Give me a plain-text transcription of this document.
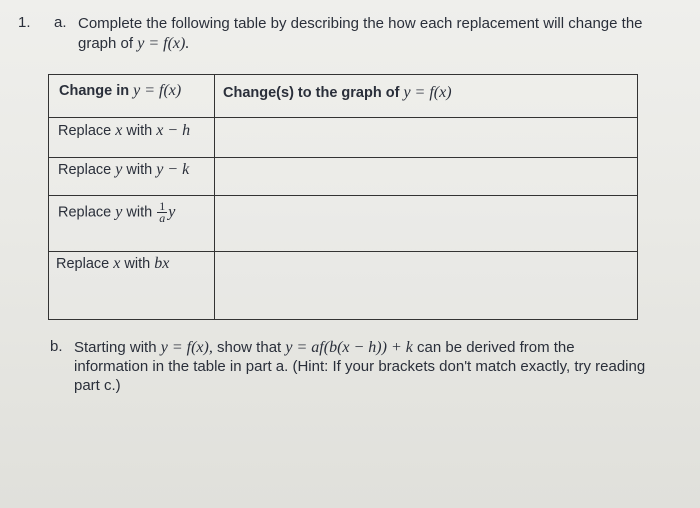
1. a. Complete the following table by describing the how each replacement will change the
graph of y = f(x).
Change in y = f(x)	Change(s) to the graph of y = f(x)
Replace x with x − h
Replace y with y − k
Replace y with $\frac{1}{a}$ y
Replace x with bx
b. Starting with y = f(x), show that y = af(b(x − h)) + k can be derived from the
information in the table in part a. (Hint: If your brackets don't match exactly, try reading
part c.)
